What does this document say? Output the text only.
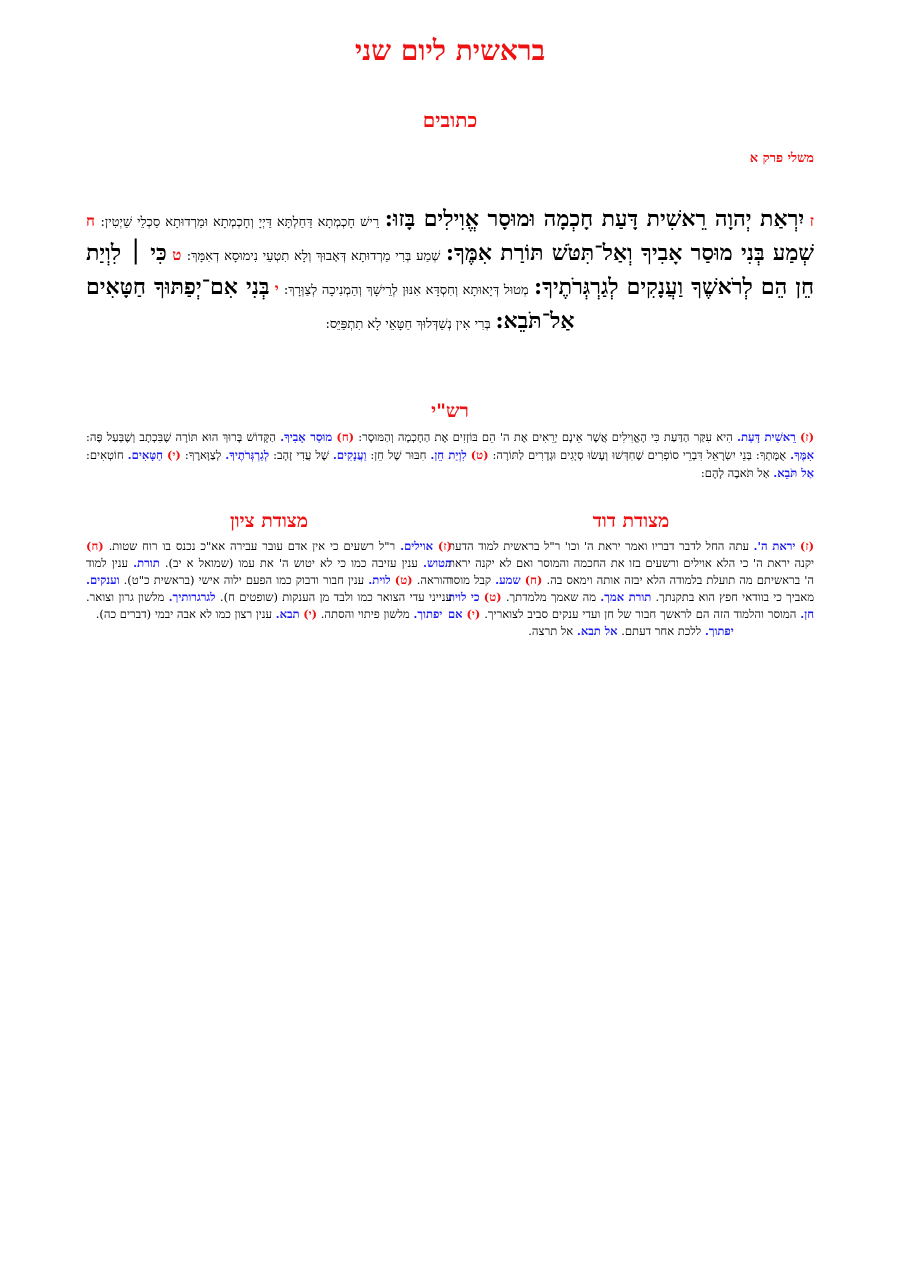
בראשית ליום שני
כתובים
משלי פרק א
ז יִרְאַת יְהוָה רֵאשִׁית דָּעַת חָכְמָה וּמוּסָר אֱוִילִים בָּזוּ: רֵישׁ חָכְמְתָא דַּחַלְתָּא דַּיְיָ וְחָכְמְתָא וּמַרְדוּתָא סַכְלֵי שַׁיְטִין: ח שְׁמַע בְּנִי מוּסַר אָבִיךָ וְאַל־תִּטֹּשׁ תּוֹרַת אִמֶּךָ: שְׁמַע בְּרִי מַרְדוּתָא דְּאָבוּךְ וְלָא תִטְעֵי נִימוּסָא דְאִמָּךְ: ט כִּי ׀ לִוְיַת חֵן הֵם לְרֹאשֶׁךָ וַעֲנָקִים לְגַרְגְּרֹתֶיךָ: מְטוּל דְּיָאוּתָא וְחִסְדָּא אִנּוּן לְרֵישָׁךְ וְהַמְנִיכָה לְצַוְּרָךְ: י בְּנִי אִם־יְפַתּוּךָ חַטָּאִים אַל־תֹּבֵא: בְּרִי אִין נְשַׁדְּלוּךְ חַטָּאֵי לָא תִתְפַּיֵּס:
רש"י
(ז) רֵאשִׁית דָּעַת. הִיא עִקַּר הַדַּעַת כִּי הָאֱוִילִים אֲשֶׁר אֵינָם יְרֵאִים אֶת ה' הֵם בּוֹזְזִים אֶת הַחָכְמָה וְהַמּוּסָר: (ח) מוּסַר אָבִיךָ. הַקָּדוֹשׁ בָּרוּךְ הוּא תּוֹרָה שֶׁבִּכְתָב וְשֶׁבְּעַל פֶּה: אִמֶּךָ. אֻמָּתְךָ: בְּנֵי יִשְׂרָאֵל דִּבְרֵי סוֹפְרִים שֶׁחִדְּשׁוּ וְעָשׂוּ סְיָגִים וּגְדָרִים לַתּוֹרָה: (ט) לִוְיַת חֵן. חִבּוּר שֶׁל חֵן: וַעֲנָקִים. שֶׁל עֲדִי זָהָב: לְגַרְגְּרֹתֶיךָ. לְצַוָּארֶךָ: (י) חַטָּאִים. חוֹטְאִים: אַל תֹּבֵא. אַל תֹּאבֶה לָהֶם:
מצודת דוד
(ז) יראת ה'. עתה החל לדבר דבריו ואמר יראת ה' וכו' ר"ל בראשית למוד הדעת יקנה יראת ה' כי הלא אוילים ורשעים בזו את החכמה והמוסר ואם לא יקנה יראת ה' בראשיתם מה תועלת בלמודה הלא יבזה אותה וימאס בה. (ח) שמע. קבל מוסר מאביך כי בוודאי חפץ הוא בתקנתך. תורת אמך. מה שאמך מלמדתך. (ט) כי לוית חן. המוסר והלמוד הזה הם לראשך חבור של חן ועדי ענקים סביב לצואריך. (י) אם יפתוך. ללכת אחר דעתם. אל תבא. אל תרצה.
מצודת ציון
(ז) אוילים. ר"ל רשעים כי אין אדם עובר עבירה אא"כ נכנס בו רוח שטות. (ח) תטוש. ענין עזיבה כמו כי לא יטוש ה' את עמו (שמואל א יב). תורת. ענין למוד והוראה. (ט) לוית. ענין חבור ודבוק כמו הפעם ילוה אישי (בראשית כ"ט). וענקים. ענייני עדי הצואר כמו ולבד מן הענקות (שופטים ח). לגרגרותיך. מלשון גרון וצואר. יפתוך. מלשון פיתוי והסתה. (י) תבא. ענין רצון כמו לא אבה יבמי (דברים כה).
